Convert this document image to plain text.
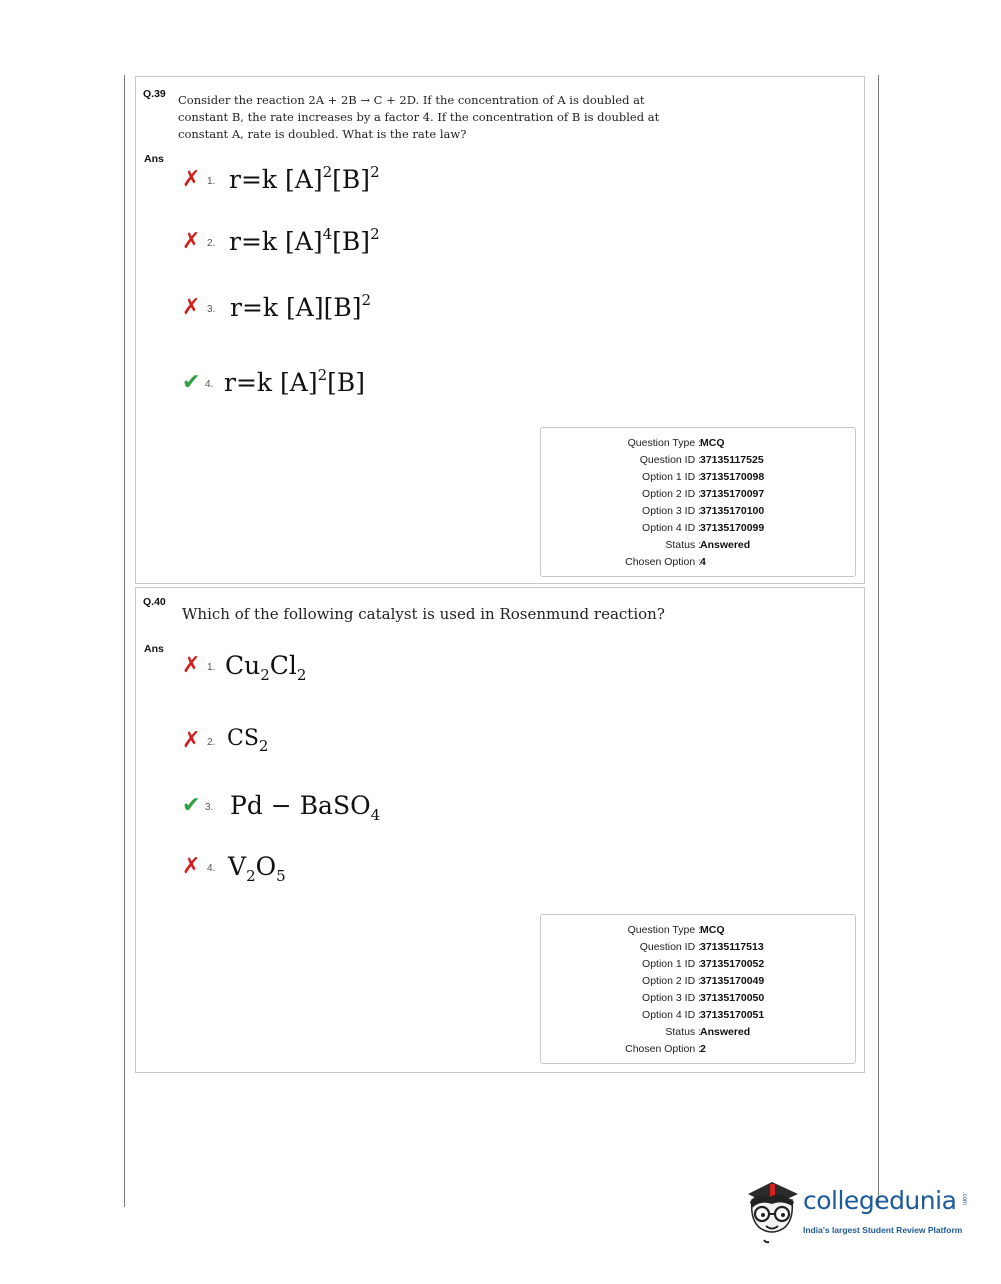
Q.39 Consider the reaction 2A + 2B → C + 2D. If the concentration of A is doubled at
constant B, the rate increases by a factor 4. If the concentration of B is doubled at
constant A, rate is doubled. What is the rate law?
Ans
✗ 1. r=k $[A]^2[B]^2$
✗ 2. r=k $[A]^4[B]^2$
✗ 3. r=k $[A][B]^2$
✔ 4. r=k $[A]^2[B]$
Question Type : MCQ
Question ID : 37135117525
Option 1 ID : 37135170098
Option 2 ID : 37135170097
Option 3 ID : 37135170100
Option 4 ID : 37135170099
Status : Answered
Chosen Option : 4
Q.40
Which of the following catalyst is used in Rosenmund reaction?
Ans
✗ 1. $Cu_2Cl_2$
✗ 2. $CS_2$
✔ 3. Pd − BaSO$_4$
✗ 4. $V_2O_5$
Question Type : MCQ
Question ID : 37135117513
Option 1 ID : 37135170052
Option 2 ID : 37135170049
Option 3 ID : 37135170050
Option 4 ID : 37135170051
Status : Answered
Chosen Option : 2
collegedunia .com
India's largest Student Review Platform
